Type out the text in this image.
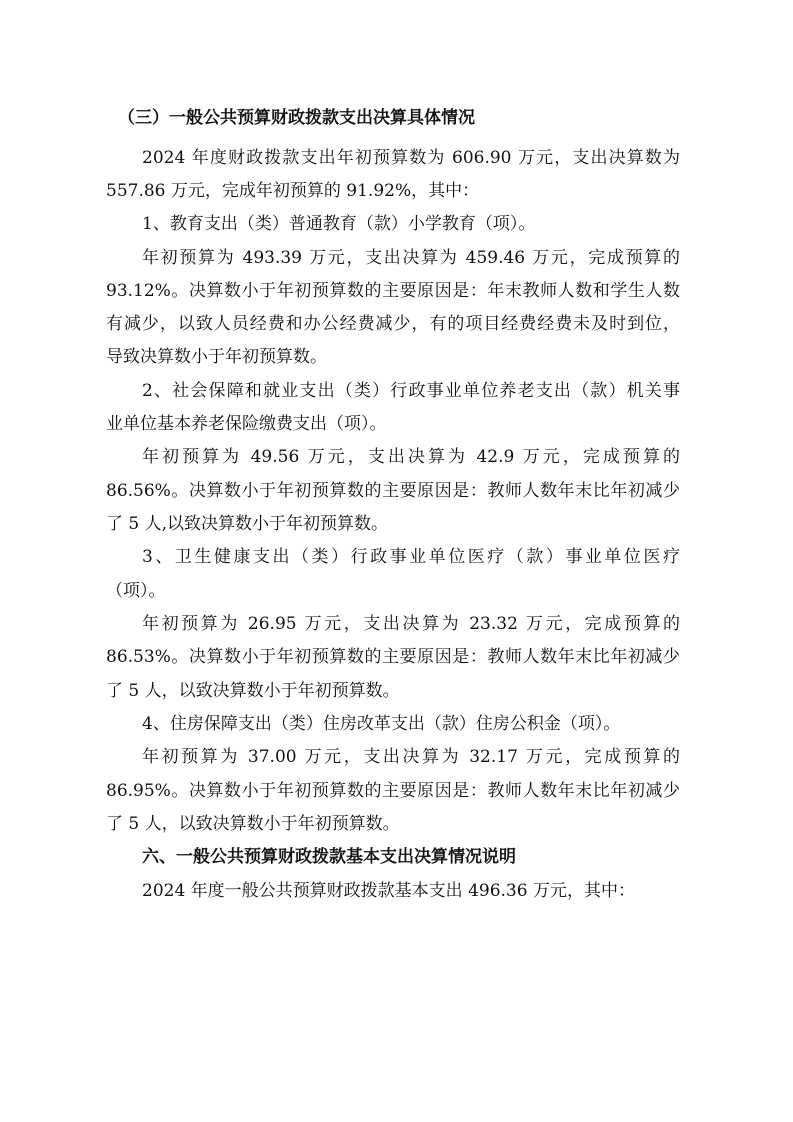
（三）一般公共预算财政拨款支出决算具体情况
2024 年度财政拨款支出年初预算数为 606.90 万元，支出决算数为
557.86 万元，完成年初预算的 91.92%，其中：
1、教育支出（类）普通教育（款）小学教育（项）。
年初预算为 493.39 万元，支出决算为 459.46 万元，完成预算的
93.12%。决算数小于年初预算数的主要原因是：年末教师人数和学生人数
有减少，以致人员经费和办公经费减少，有的项目经费经费未及时到位，
导致决算数小于年初预算数。
2、社会保障和就业支出（类）行政事业单位养老支出（款）机关事
业单位基本养老保险缴费支出（项）。
年初预算为 49.56 万元，支出决算为 42.9 万元，完成预算的
86.56%。决算数小于年初预算数的主要原因是：教师人数年末比年初减少
了 5 人,以致决算数小于年初预算数。
3、卫生健康支出（类）行政事业单位医疗（款）事业单位医疗
（项）。
年初预算为 26.95 万元，支出决算为 23.32 万元，完成预算的
86.53%。决算数小于年初预算数的主要原因是：教师人数年末比年初减少
了 5 人，以致决算数小于年初预算数。
4、住房保障支出（类）住房改革支出（款）住房公积金（项）。
年初预算为 37.00 万元，支出决算为 32.17 万元，完成预算的
86.95%。决算数小于年初预算数的主要原因是：教师人数年末比年初减少
了 5 人，以致决算数小于年初预算数。
六、一般公共预算财政拨款基本支出决算情况说明
2024 年度一般公共预算财政拨款基本支出 496.36 万元，其中：
